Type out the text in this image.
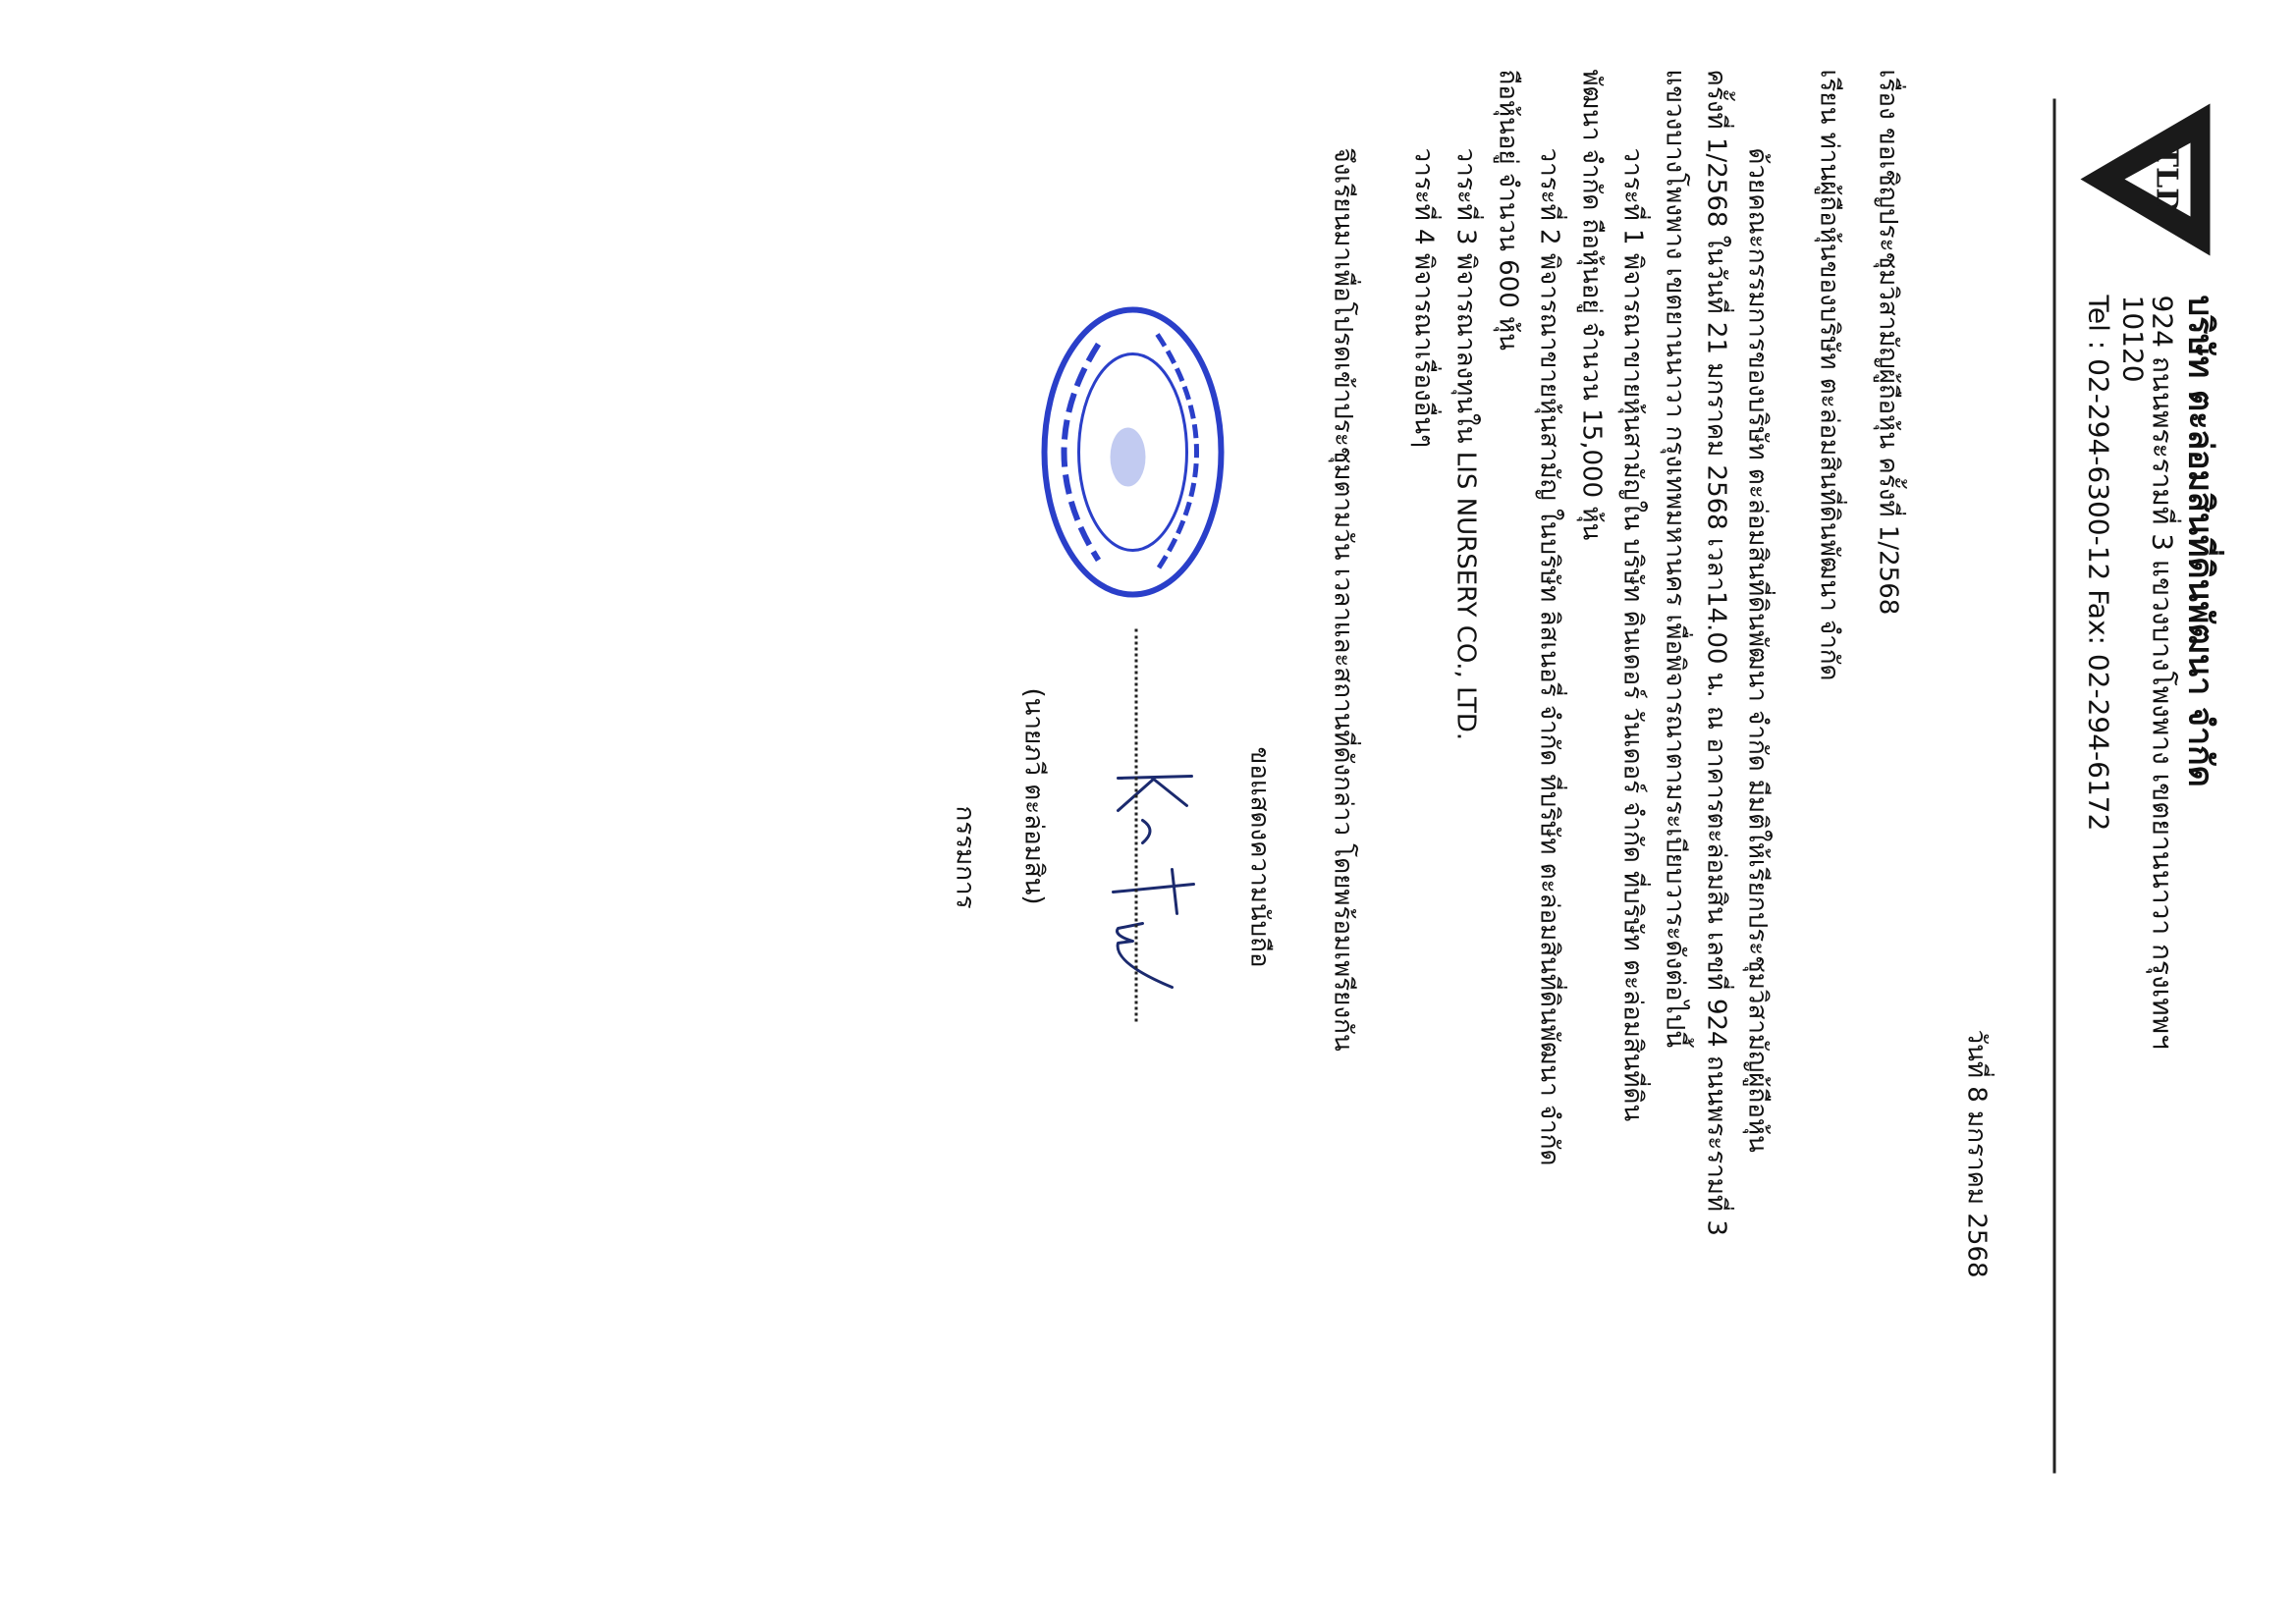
TLD
บริษัท ตะล่อมสินที่ดินพัฒนา จำกัด
924 ถนนพระรามที่ 3 แขวงบางโพงพาง เขตยานนาวา กรุงเทพฯ
10120
Tel : 02-294-6300-12 Fax: 02-294-6172
วันที่ 8 มกราคม 2568
เรื่อง ขอเชิญประชุมวิสามัญผู้ถือหุ้น ครั้งที่ 1/2568
เรียน ท่านผู้ถือหุ้นของบริษัท ตะล่อมสินที่ดินพัฒนา จำกัด
ด้วยคณะกรรมการของบริษัท ตะล่อมสินที่ดินพัฒนา จำกัด มีมติให้เรียกประชุมวิสามัญผู้ถือหุ้น
ครั้งที่ 1/2568 ในวันที่ 21 มกราคม 2568 เวลา14.00 น. ณ อาคารตะล่อมสิน เลขที่ 924 ถนนพระรามที่ 3
แขวงบางโพงพาง เขตยานนาวา กรุงเทพมหานคร เพื่อพิจารณาตามระเบียบวาระดังต่อไปนี้
วาระที่ 1 พิจารณาขายหุ้นสามัญใน บริษัท คินเดอร์ วันเดอร์ จำกัด ที่บริษัท ตะล่อมสินที่ดิน
พัฒนา จำกัด ถือหุ้นอยู่ จำนวน 15,000 หุ้น
วาระที่ 2 พิจารณาขายหุ้นสามัญ ในบริษัท ลิสเนอรี่ จำกัด ที่บริษัท ตะล่อมสินที่ดินพัฒนา จำกัด
ถือหุ้นอยู่ จำนวน 600 หุ้น
วาระที่ 3 พิจารณาลงทุนใน LIS NURSERY CO., LTD.
วาระที่ 4 พิจารณาเรื่องอื่นๆ
จึงเรียนมาเพื่อโปรดเข้าประชุมตามวัน เวลาและสถานที่ดังกล่าว โดยพร้อมเพรียงกัน
ขอแสดงความนับถือ
(นายภวี ตะล่อมสิน)
กรรมการ
